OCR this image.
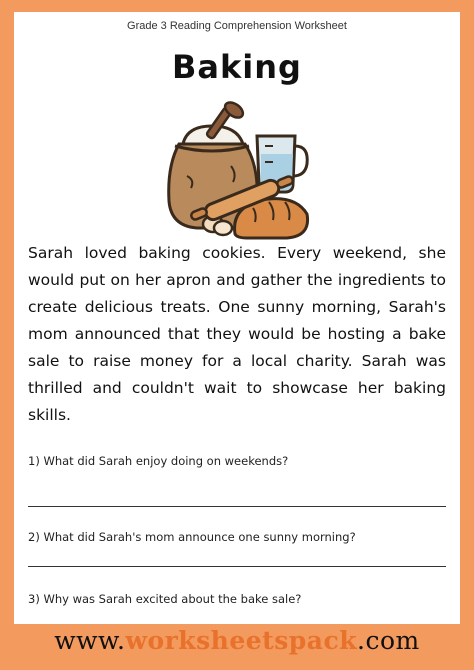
Grade 3 Reading Comprehension Worksheet
Baking
Sarah loved baking cookies. Every weekend, she would put on her apron and gather the ingredients to create delicious treats. One sunny morning, Sarah's mom announced that they would be hosting a bake sale to raise money for a local charity. Sarah was thrilled and couldn't wait to showcase her baking skills.
1) What did Sarah enjoy doing on weekends?
2) What did Sarah's mom announce one sunny morning?
3) Why was Sarah excited about the bake sale?
www.worksheetspack.com
